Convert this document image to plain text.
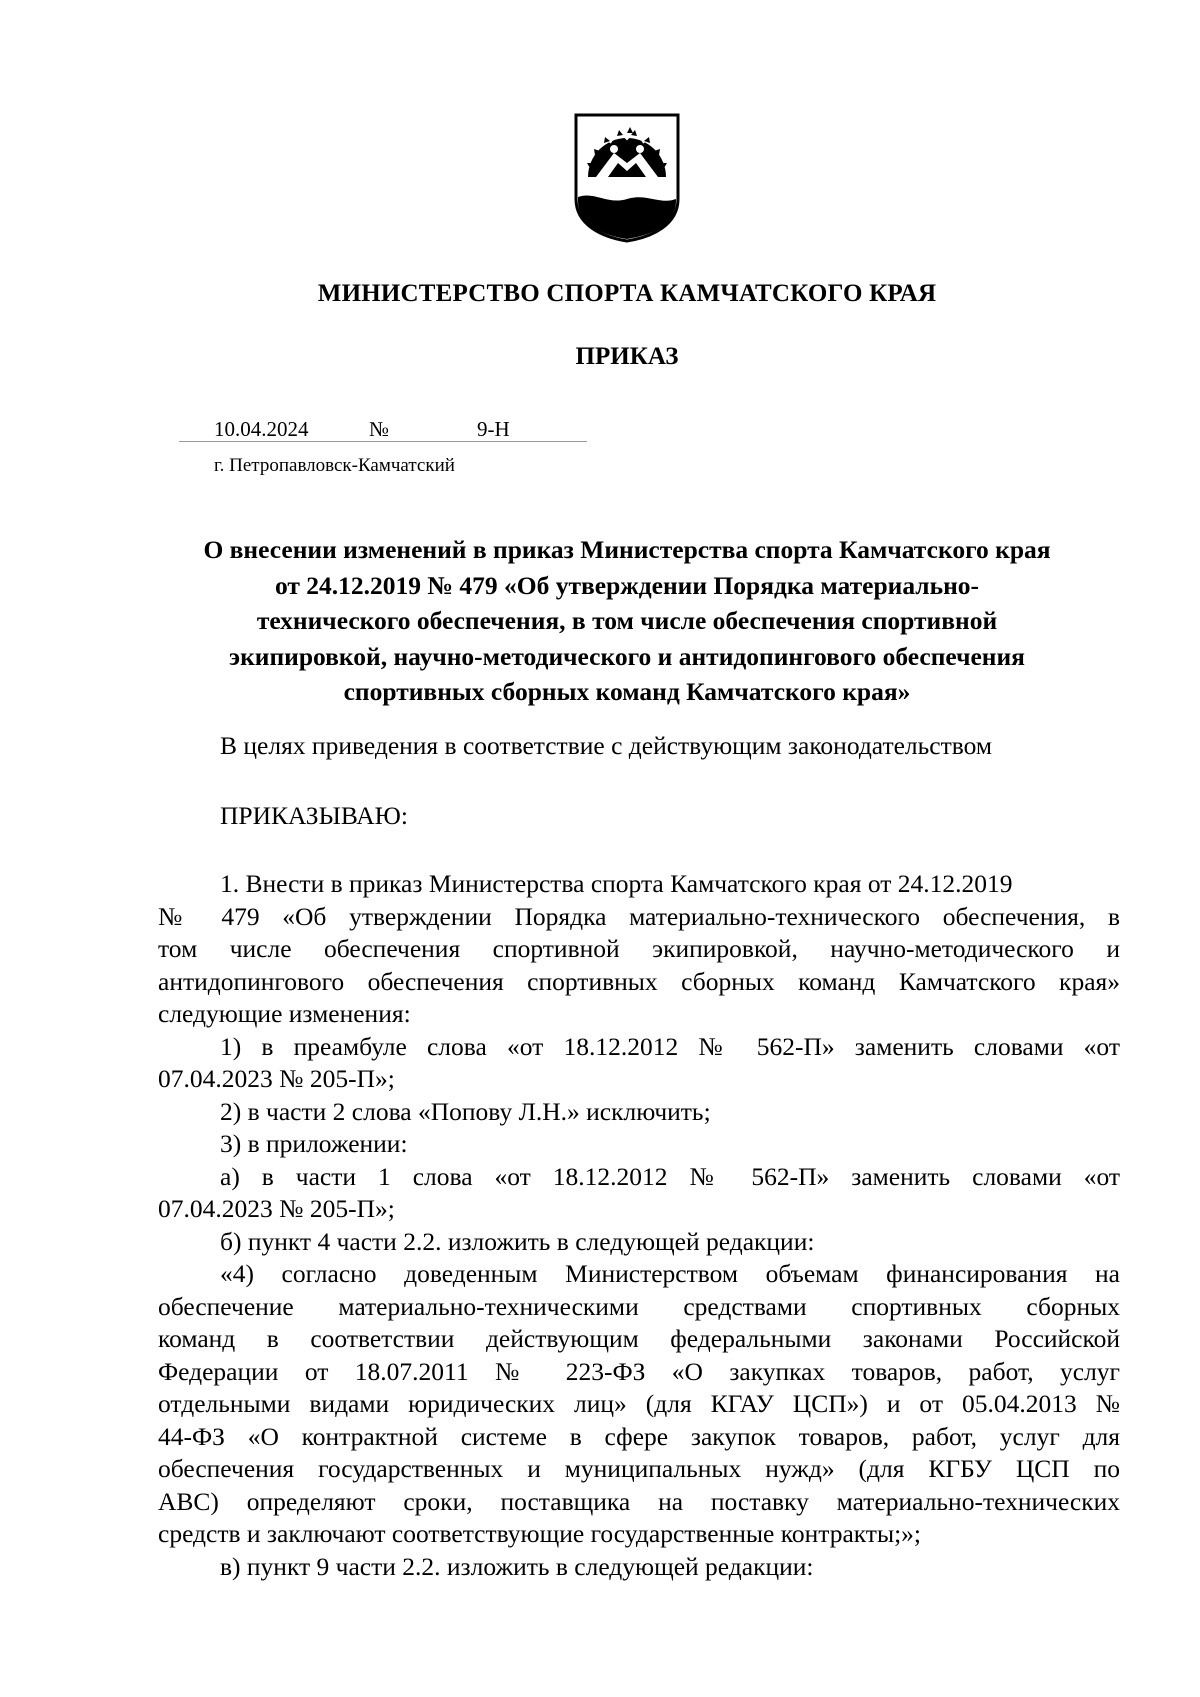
МИНИСТЕРСТВО СПОРТА КАМЧАТСКОГО КРАЯ
ПРИКАЗ
10.04.2024	№	9-Н
г. Петропавловск-Камчатский
О внесении изменений в приказ Министерства спорта Камчатского края
от 24.12.2019 № 479 «Об утверждении Порядка материально-
технического обеспечения, в том числе обеспечения спортивной
экипировкой, научно-методического и антидопингового обеспечения
спортивных сборных команд Камчатского края»
В целях приведения в соответствие с действующим законодательством
ПРИКАЗЫВАЮ:
1. Внести в приказ Министерства спорта Камчатского края от 24.12.2019
№ 479 «Об утверждении Порядка материально-технического обеспечения, в
том числе обеспечения спортивной экипировкой, научно-методического и
антидопингового обеспечения спортивных сборных команд Камчатского края»
следующие изменения:
1) в преамбуле слова «от 18.12.2012 № 562-П» заменить словами «от
07.04.2023 № 205-П»;
2) в части 2 слова «Попову Л.Н.» исключить;
3) в приложении:
а) в части 1 слова «от 18.12.2012 № 562-П» заменить словами «от
07.04.2023 № 205-П»;
б) пункт 4 части 2.2. изложить в следующей редакции:
«4) согласно доведенным Министерством объемам финансирования на
обеспечение материально-техническими средствами спортивных сборных
команд в соответствии действующим федеральными законами Российской
Федерации от 18.07.2011 № 223-ФЗ «О закупках товаров, работ, услуг
отдельными видами юридических лиц» (для КГАУ ЦСП») и от 05.04.2013 №
44-ФЗ «О контрактной системе в сфере закупок товаров, работ, услуг для
обеспечения государственных и муниципальных нужд» (для КГБУ ЦСП по
АВС) определяют сроки, поставщика на поставку материально-технических
средств и заключают соответствующие государственные контракты;»;
в) пункт 9 части 2.2. изложить в следующей редакции:
